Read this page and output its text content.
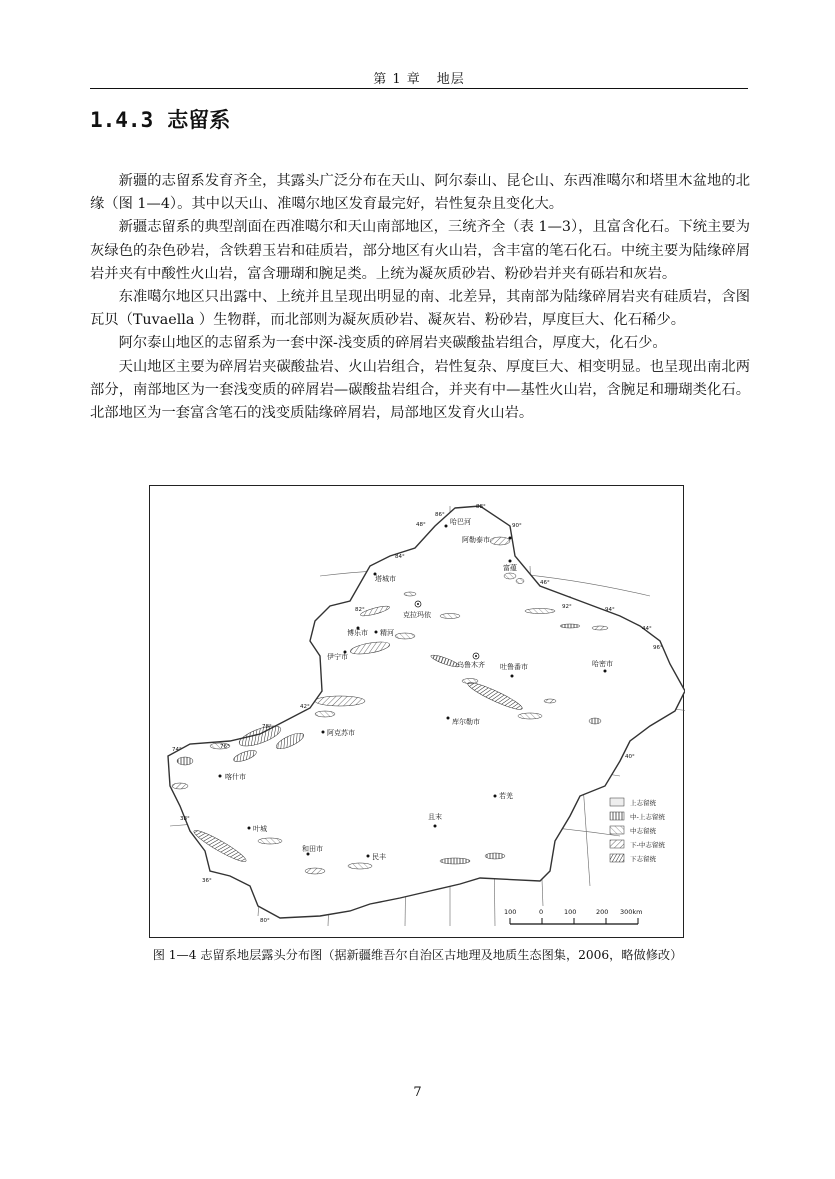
第 1 章 地层
1.4.3 志留系

新疆的志留系发育齐全，其露头广泛分布在天山、阿尔泰山、昆仑山、东西准噶尔和塔里木盆地的北缘（图 1—4）。其中以天山、准噶尔地区发育最完好，岩性复杂且变化大。

新疆志留系的典型剖面在西准噶尔和天山南部地区，三统齐全（表 1—3），且富含化石。下统主要为灰绿色的杂色砂岩，含铁碧玉岩和硅质岩，部分地区有火山岩，含丰富的笔石化石。中统主要为陆缘碎屑岩并夹有中酸性火山岩，富含珊瑚和腕足类。上统为凝灰质砂岩、粉砂岩并夹有砾岩和灰岩。

东准噶尔地区只出露中、上统并且呈现出明显的南、北差异，其南部为陆缘碎屑岩夹有硅质岩，含图瓦贝（Tuvaella ）生物群，而北部则为凝灰质砂岩、凝灰岩、粉砂岩，厚度巨大、化石稀少。

阿尔泰山地区的志留系为一套中深-浅变质的碎屑岩夹碳酸盐岩组合，厚度大，化石少。

天山地区主要为碎屑岩夹碳酸盐岩、火山岩组合，岩性复杂、厚度巨大、相变明显。也呈现出南北两部分，南部地区为一套浅变质的碎屑岩—碳酸盐岩组合，并夹有中—基性火山岩，含腕足和珊瑚类化石。北部地区为一套富含笔石的浅变质陆缘碎屑岩，局部地区发育火山岩。

哈巴河
阿勒泰市
富蕴
塔城市
克拉玛依
博乐市 精河
伊宁市
乌鲁木齐 吐鲁番市	哈密市
库尔勒市
阿克苏市
喀什市
若羌
且末
叶城
和田市
民丰
86°
88°
90°
84°
82°	92°	94°
96°
78°
76°
74°
80°
48°
46°
44°
42°
40°
38°
36°
上志留统
中-上志留统
中志留统
下-中志留统
下志留统
100	0	100	200 300km
图 1—4 志留系地层露头分布图（据新疆维吾尔自治区古地理及地质生态图集，2006，略做修改）
7
